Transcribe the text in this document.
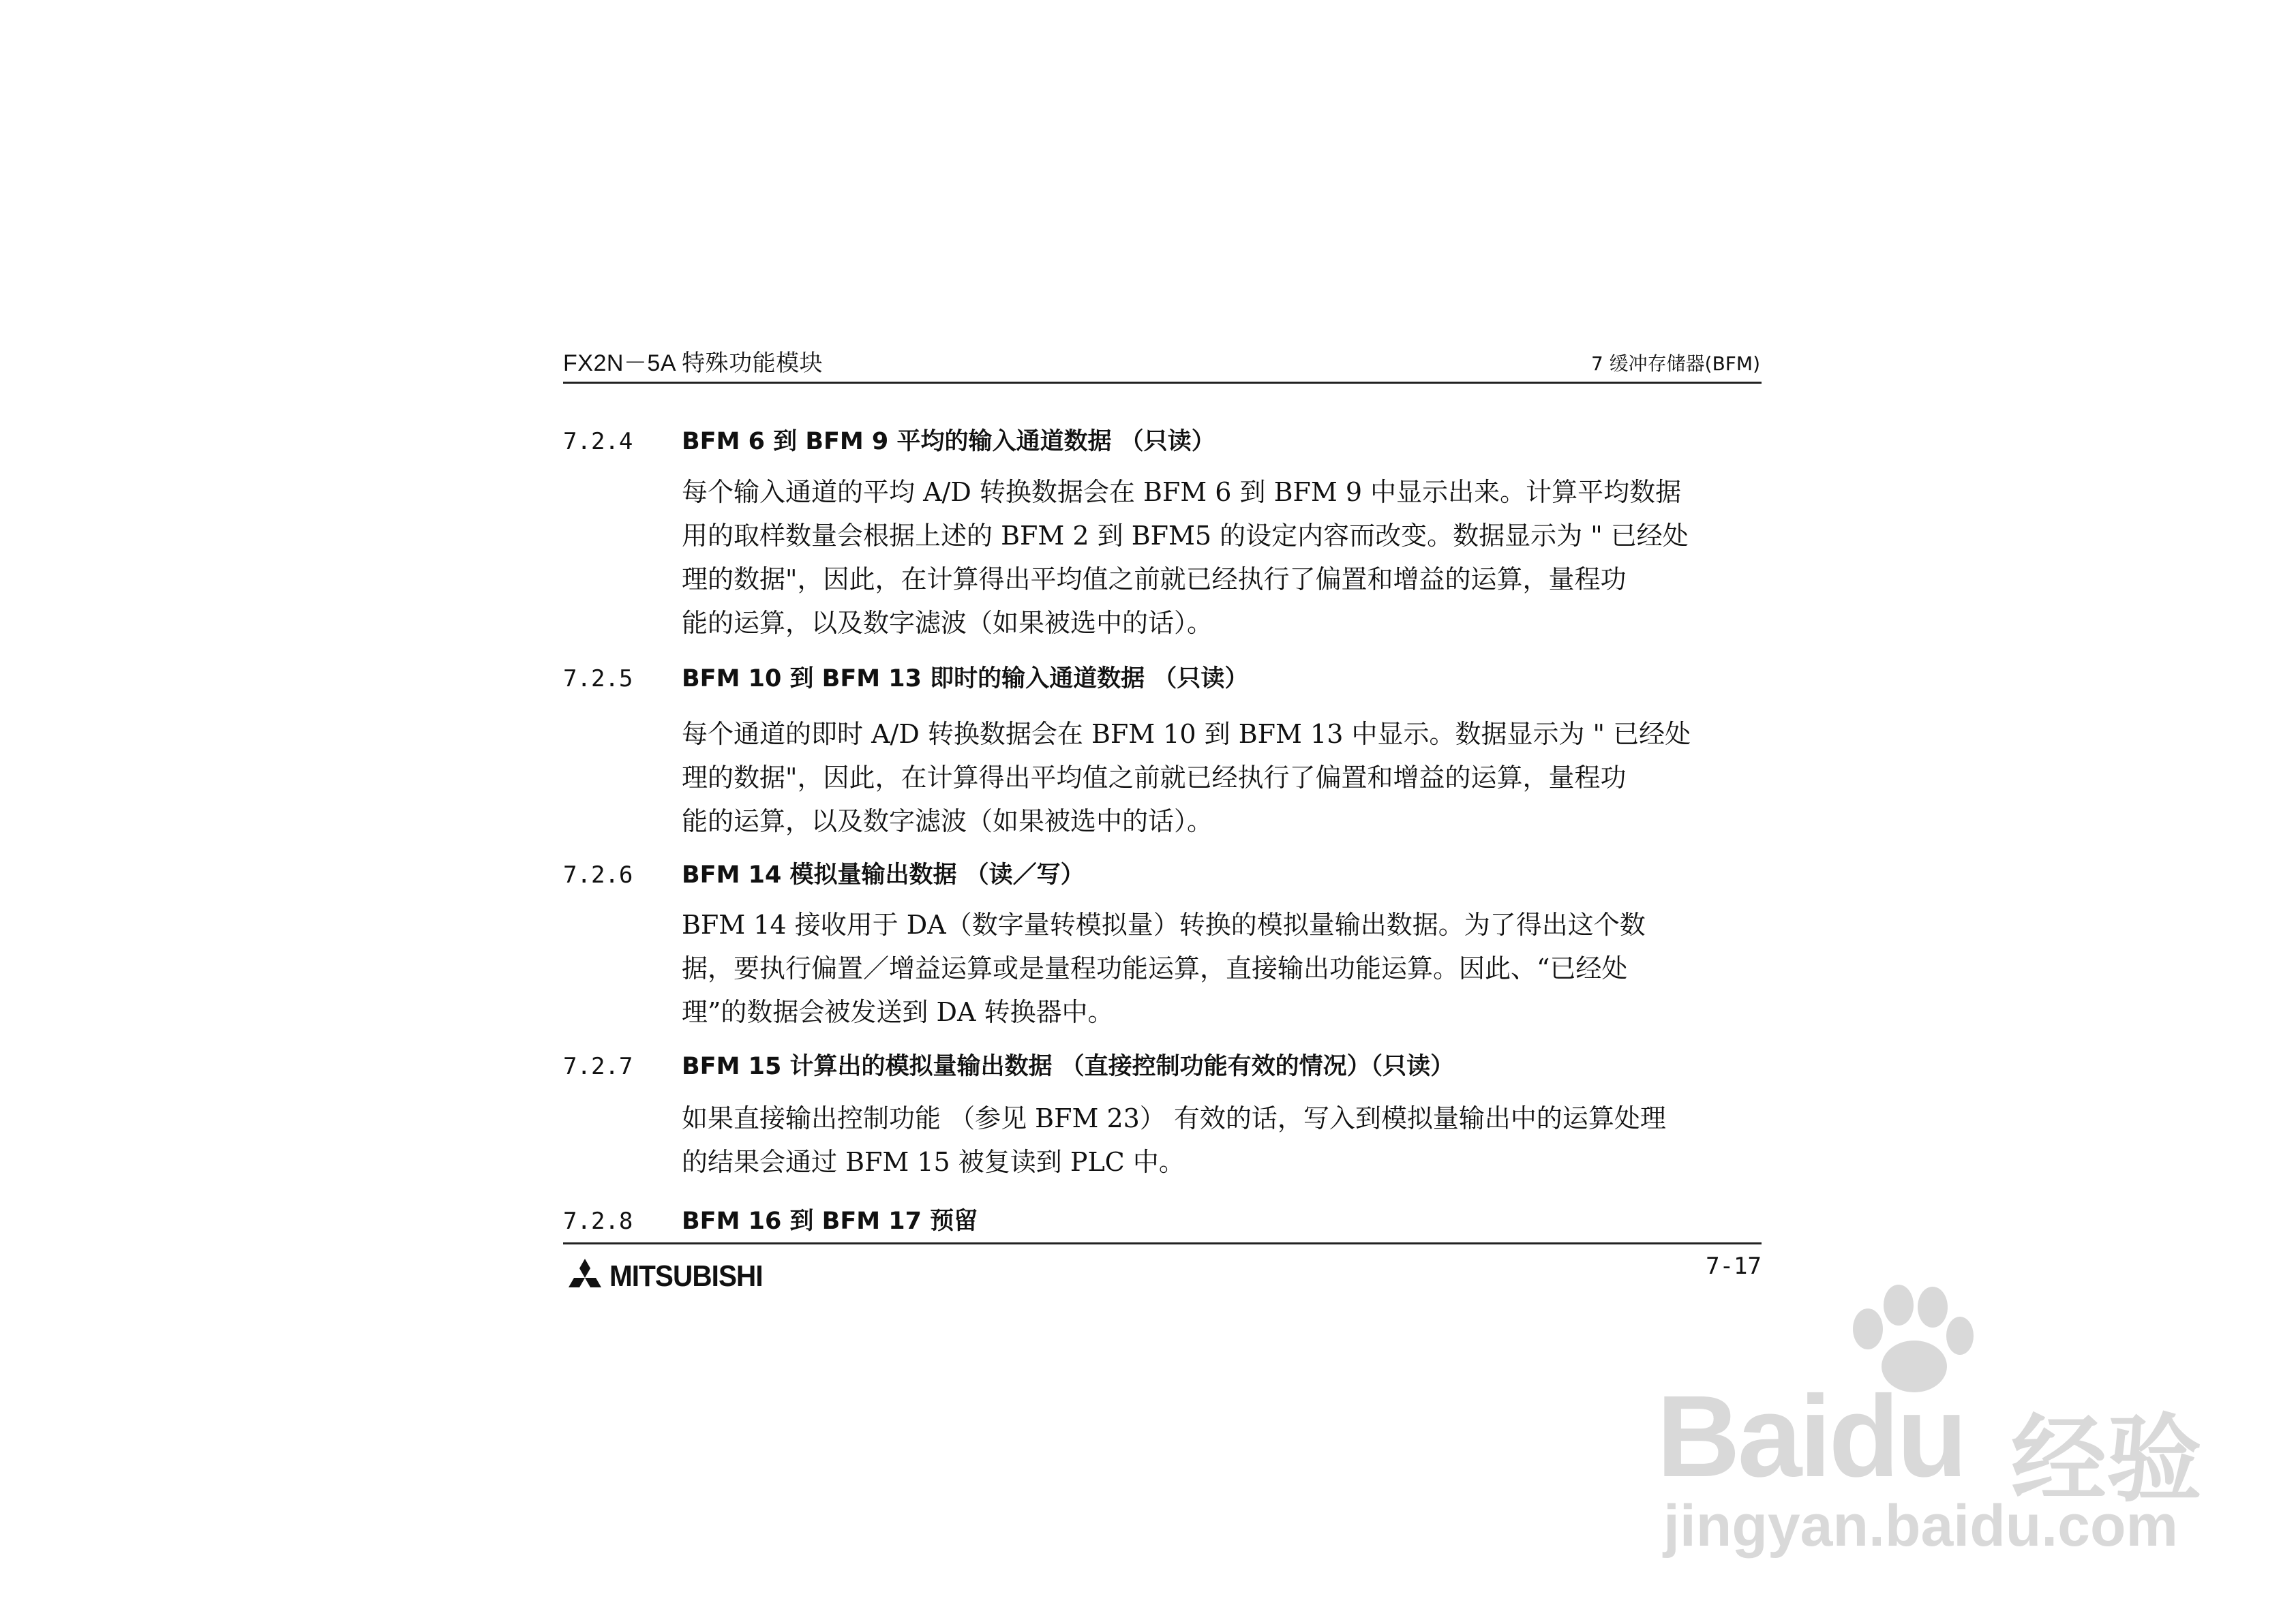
FX2N－5A 特殊功能模块	7 缓冲存储器(BFM)
7.2.4 BFM 6 到 BFM 9 平均的输入通道数据 （只读）
每个输入通道的平均 A/D 转换数据会在 BFM 6 到 BFM 9 中显示出来。计算平均数据
用的取样数量会根据上述的 BFM 2 到 BFM5 的设定内容而改变。数据显示为 " 已经处
理的数据"，因此，在计算得出平均值之前就已经执行了偏置和增益的运算，量程功
能的运算，以及数字滤波（如果被选中的话）。
7.2.5 BFM 10 到 BFM 13 即时的输入通道数据 （只读）
每个通道的即时 A/D 转换数据会在 BFM 10 到 BFM 13 中显示。数据显示为 " 已经处
理的数据"，因此，在计算得出平均值之前就已经执行了偏置和增益的运算，量程功
能的运算，以及数字滤波（如果被选中的话）。
7.2.6 BFM 14 模拟量输出数据 （读／写）
BFM 14 接收用于 DA（数字量转模拟量）转换的模拟量输出数据。为了得出这个数
据，要执行偏置／增益运算或是量程功能运算，直接输出功能运算。因此、“已经处
理”的数据会被发送到 DA 转换器中。
7.2.7 BFM 15 计算出的模拟量输出数据 （直接控制功能有效的情况）（只读）
如果直接输出控制功能 （参见 BFM 23） 有效的话，写入到模拟量输出中的运算处理
的结果会通过 BFM 15 被复读到 PLC 中。
7.2.8 BFM 16 到 BFM 17 预留
MITSUBISHI	7-17
Baidu 经验
jingyan.baidu.com
